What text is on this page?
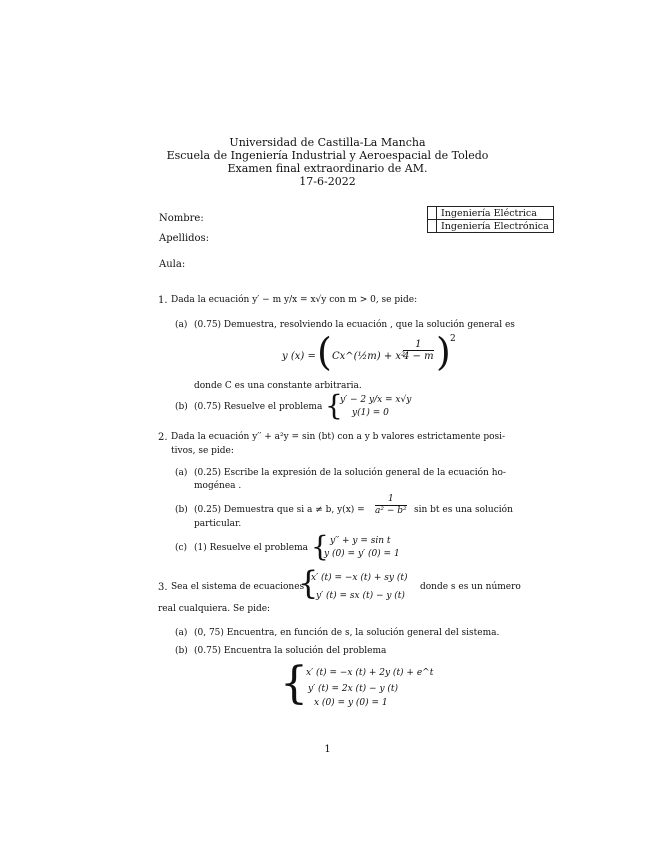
Universidad de Castilla-La Mancha
Escuela de Ingeniería Industrial y Aeroespacial de Toledo
Examen final extraordinario de AM.
17-6-2022
Nombre:
Apellidos:
Aula:
	Ingeniería Eléctrica
	Ingeniería Electrónica
1. Dada la ecuación y′ − m y/x = x√y con m > 0, se pide:
(a) (0.75) Demuestra, resolviendo la ecuación , que la solución general es
y (x) = ( Cx^(½m) + x²
$\frac{1}{4 - m}$ ) 2
donde C es una constante arbitraria.
(b) (0.75) Resuelve el problema {
y′ − 2 y/x = x√y
y(1) = 0
2. Dada la ecuación y′′ + a²y = sin (bt) con a y b valores estrictamente posi-
tivos, se pide:
(a) (0.25) Escribe la expresión de la solución general de la ecuación ho-
mogénea .
(b) (0.25) Demuestra que si a ≠ b, $y(x) = \frac{1}{\text{a² − b²}}$ sin bt es una solución
particular.
(c) (1) Resuelve el problema { y′′ + y = sin t
y (0) = y′ (0) = 1
3. Sea el sistema de ecuaciones
{
x′ (t) = −x (t) + sy (t)
y′ (t) = sx (t) − y (t)
donde s es un número
real cualquiera. Se pide:
(a) (0, 75) Encuentra, en función de s, la solución general del sistema.
(b) (0.75) Encuentra la solución del problema
{
x′ (t) = −x (t) + 2y (t) + e^t
y′ (t) = 2x (t) − y (t)
x (0) = y (0) = 1
1
